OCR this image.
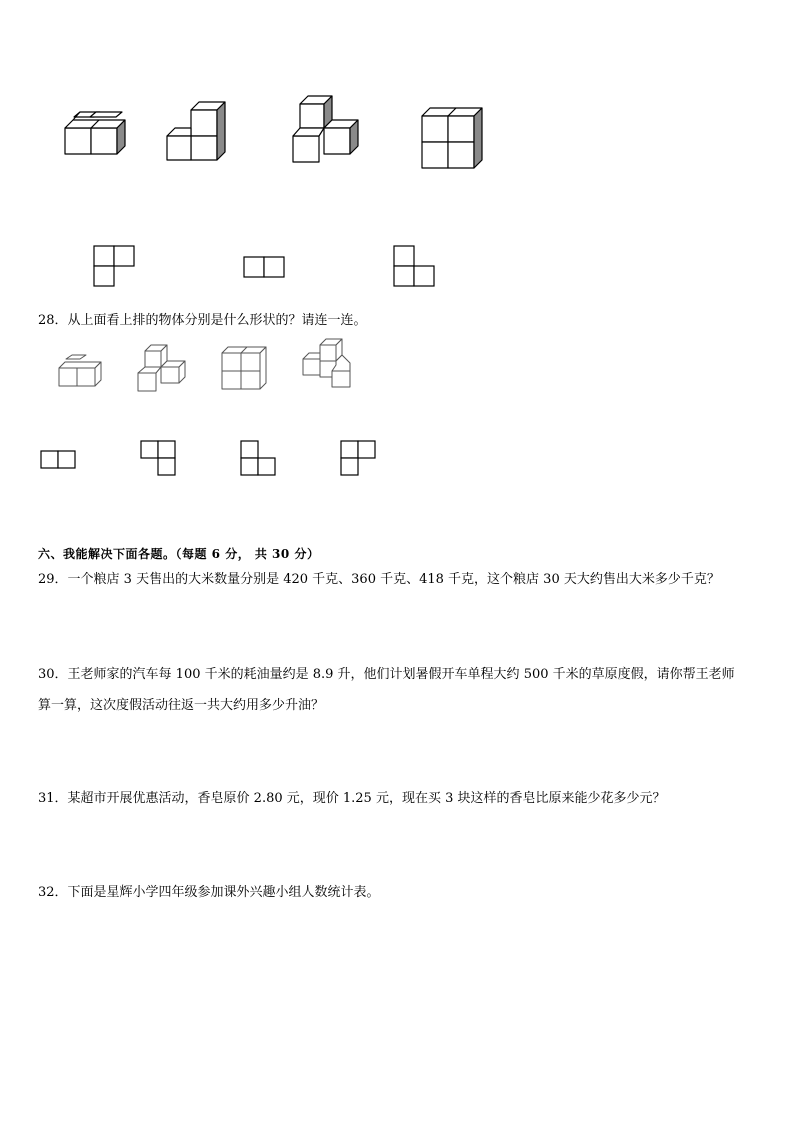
28．从上面看上排的物体分别是什么形状的？请连一连。

六、我能解决下面各题。（每题 6 分， 共 30 分）

29．一个粮店 3 天售出的大米数量分别是 420 千克、360 千克、418 千克，这个粮店 30 天大约售出大米多少千克？

30．王老师家的汽车每 100 千米的耗油量约是 8.9 升，他们计划暑假开车单程大约 500 千米的草原度假，请你帮王老师

算一算，这次度假活动往返一共大约用多少升油？

31．某超市开展优惠活动，香皂原价 2.80 元，现价 1.25 元，现在买 3 块这样的香皂比原来能少花多少元？

32．下面是星辉小学四年级参加课外兴趣小组人数统计表。
